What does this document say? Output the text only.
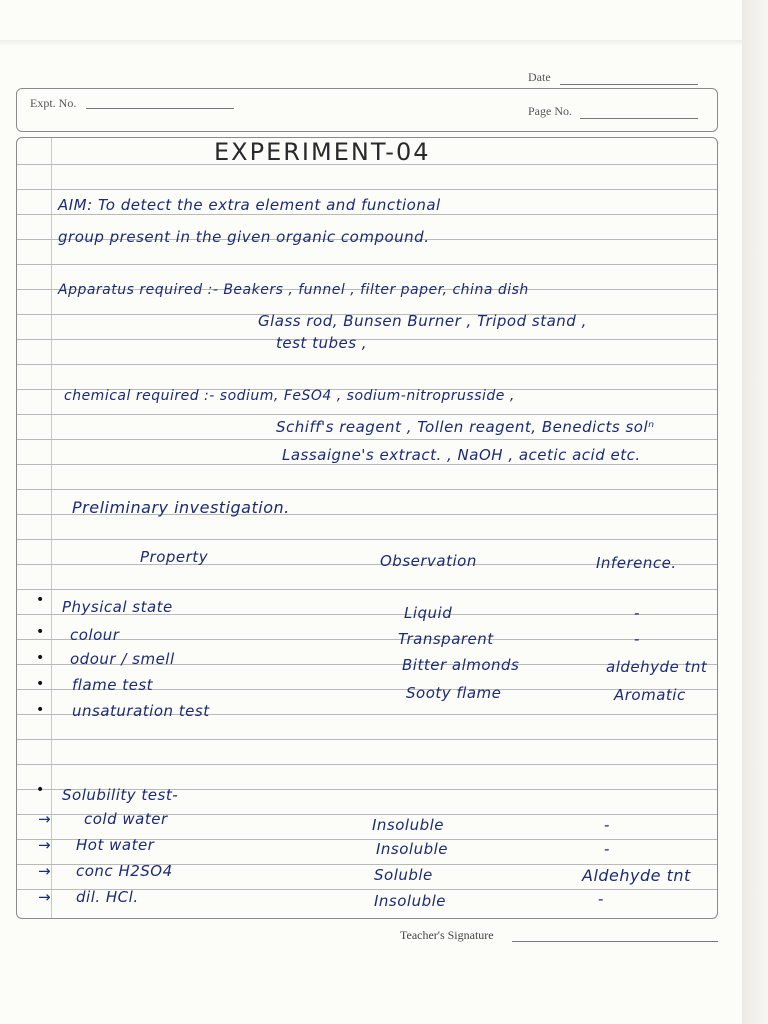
Date
Expt. No.
Page No.
EXPERIMENT-04
AIM: To detect the extra element and functional
group present in the given organic compound.
Apparatus required :- Beakers , funnel , filter paper, china dish
Glass rod, Bunsen Burner , Tripod stand ,
test tubes ,
chemical required :- sodium, FeSO4 , sodium-nitroprusside ,
Schiff's reagent , Tollen reagent, Benedicts solⁿ
Lassaigne's extract. , NaOH , acetic acid etc.
Preliminary investigation.
Property	Observation	Inference.
• Physical state	Liquid	-
• colour	Transparent	-
• odour / smell	Bitter almonds	aldehyde tnt
• flame test	Sooty flame	Aromatic
• unsaturation test
• Solubility test-
→ cold water	Insoluble	-
→ Hot water	Insoluble	-
→ conc H2SO4	Soluble	Aldehyde tnt
→ dil. HCl.	Insoluble	-
Teacher's Signature
